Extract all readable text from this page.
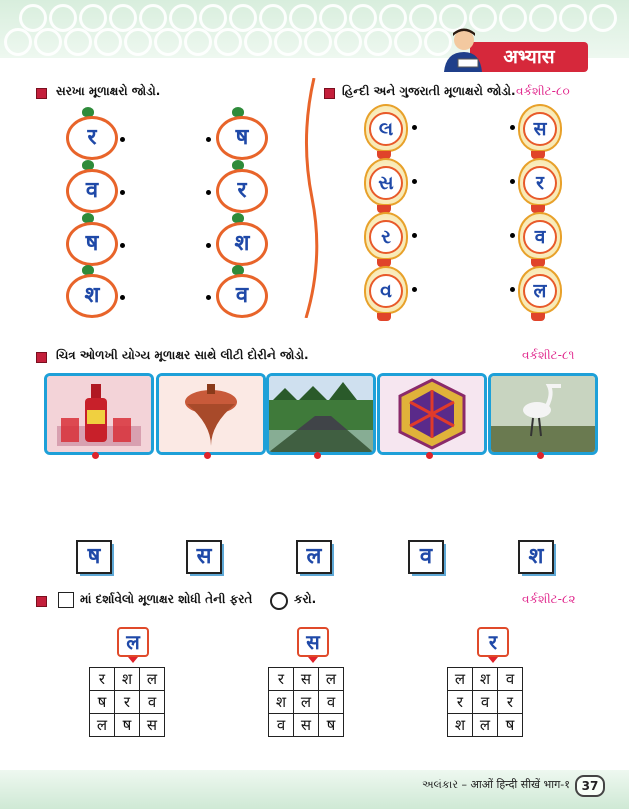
अभ्यास
સરખા મૂળાક્ષરો જોડો.
र
व
ष
श
ष
र
श
व
હિન્દી અને ગુજરાતી મૂળાક્ષરો જોડો. વર્કશીટ-૮૦
લ
સ
ર
વ
स
र
व
ल
ચિત્ર ઓળખી યોગ્ય મૂળાક્ષર સાથે લીટી દોરીને જોડો.	વર્કશીટ-૮૧
ष	स	ल	व	श
માં દર્શાવેલો મૂળાક્ષર શોધી તેની ફરતે	કરો.	વર્કશીટ-૮૨
ल
र	श	ल
ष	र	व
ल	ष	स
स
र	स	ल
श	ल	व
व	स	ष
र
ल	श	व
र	व	र
श	ल	ष
અલંકાર – आओं हिन्दी सीखें भाग-१ 37
